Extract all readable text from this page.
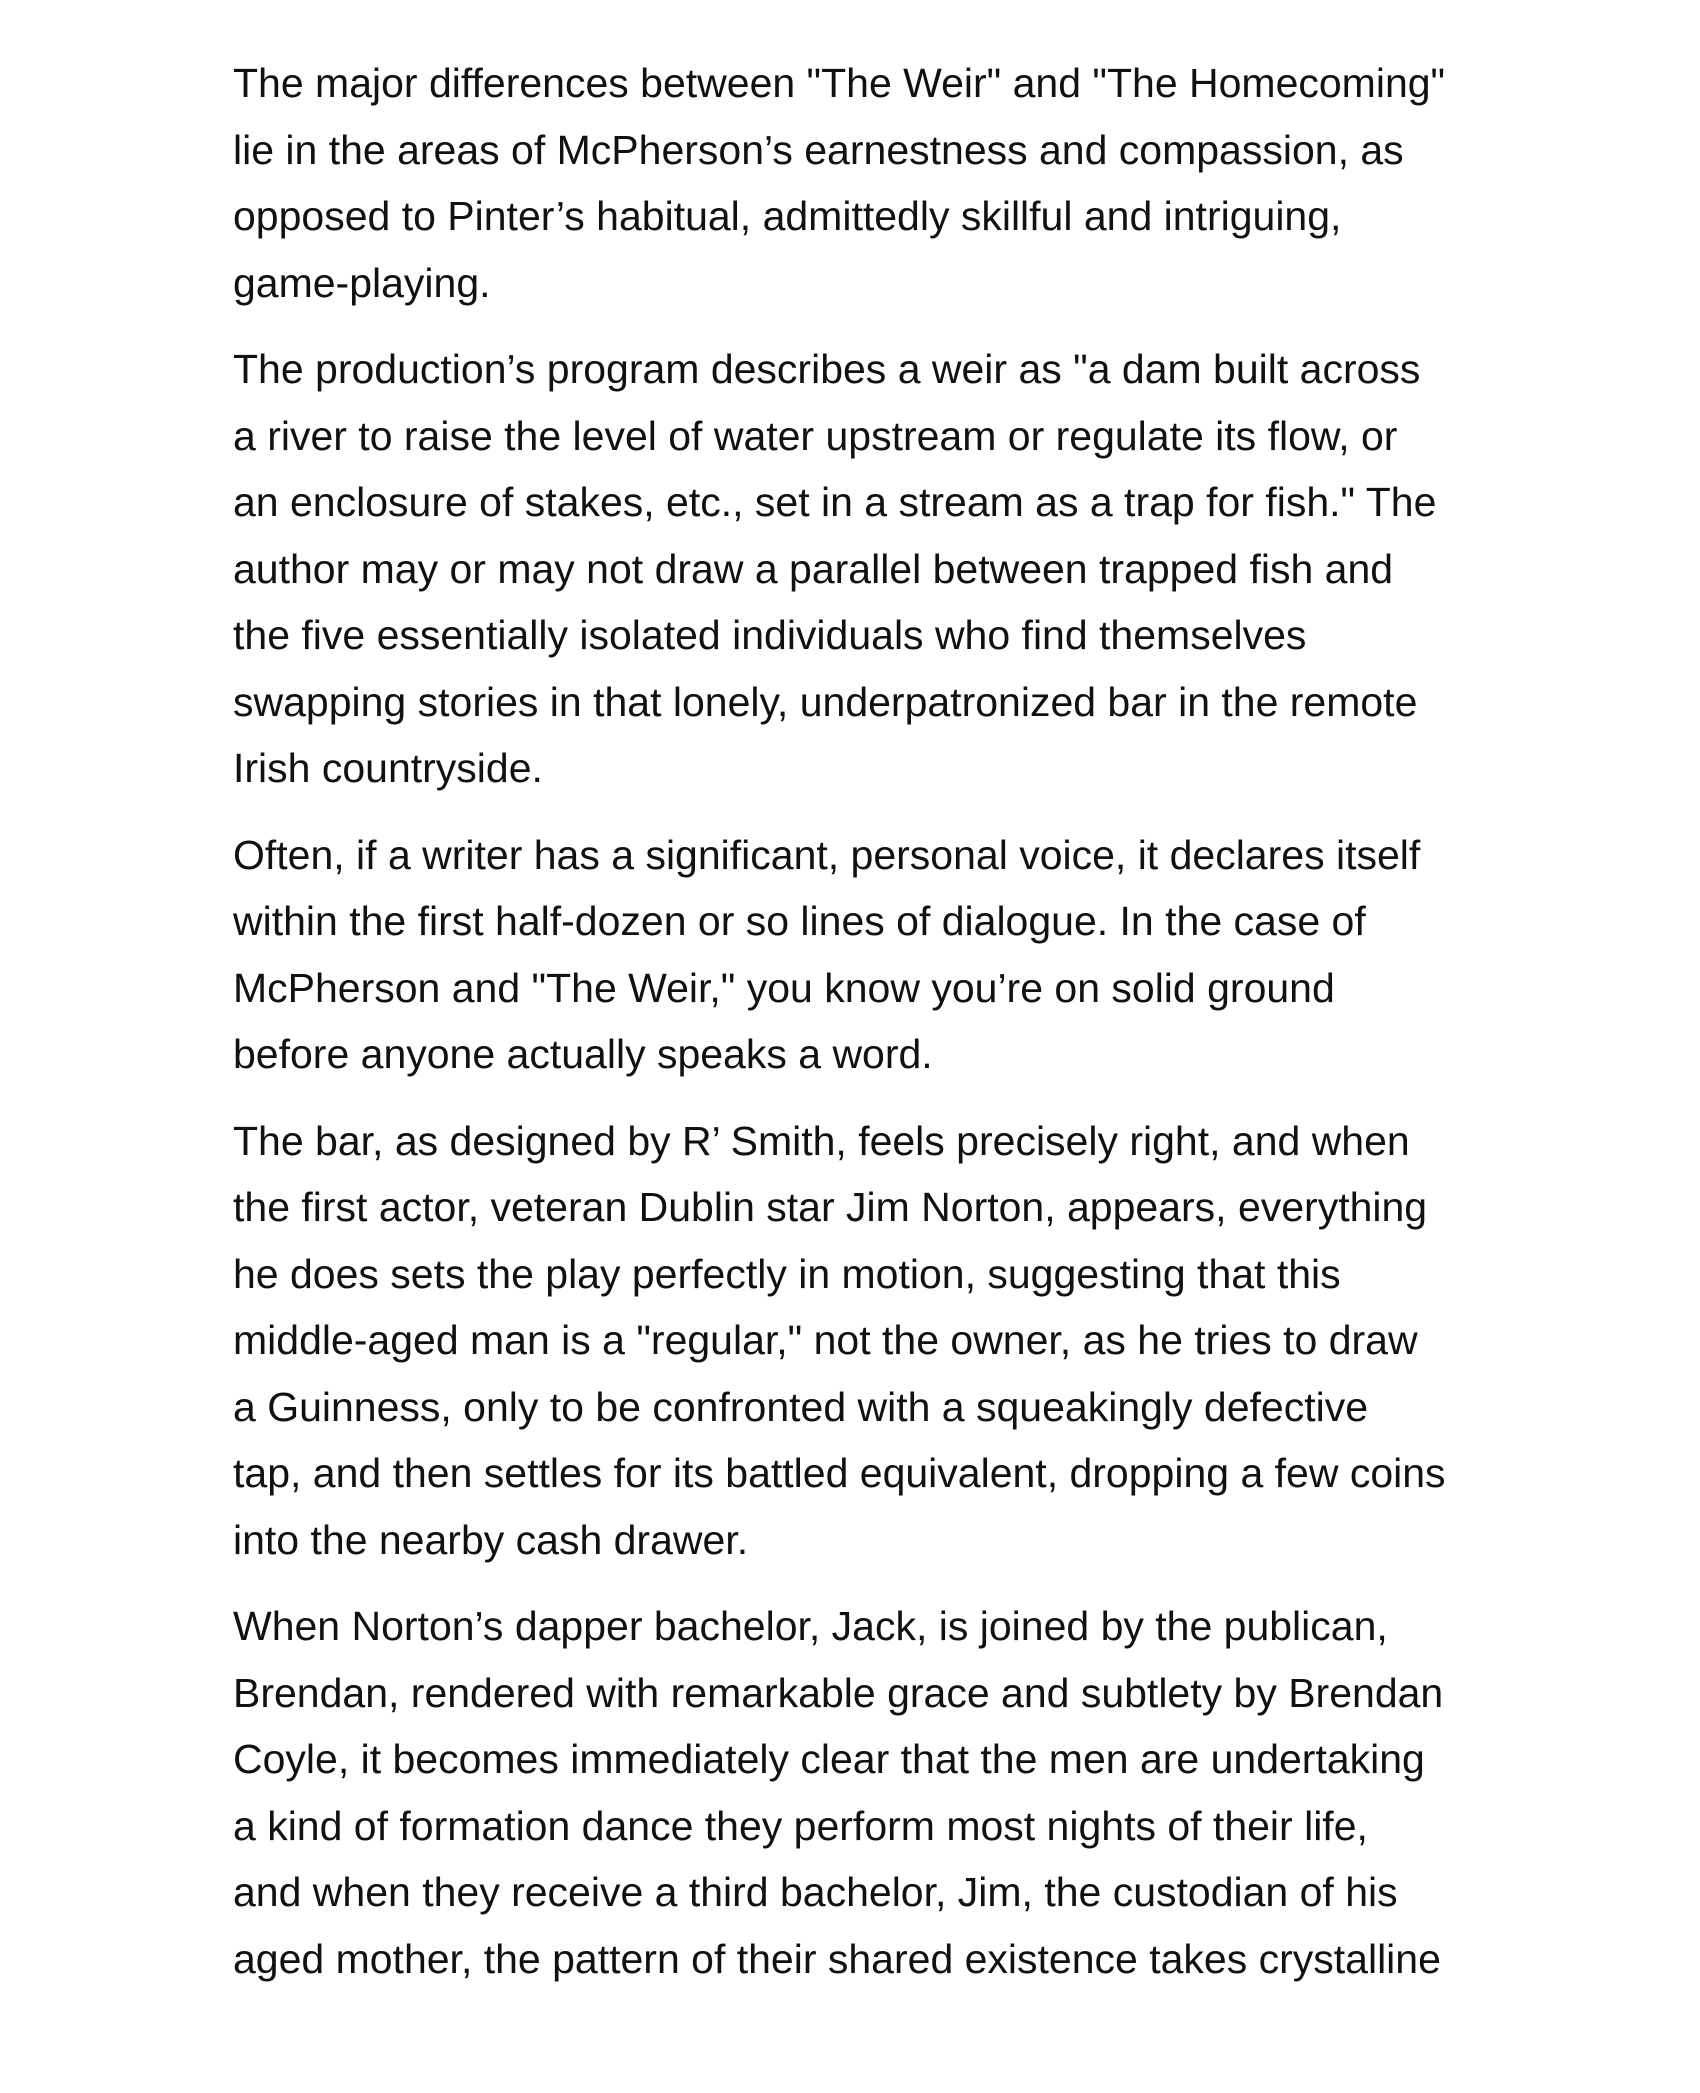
The major differences between "The Weir" and "The Homecoming"
lie in the areas of McPherson’s earnestness and compassion, as
opposed to Pinter’s habitual, admittedly skillful and intriguing,
game-playing.

The production’s program describes a weir as "a dam built across
a river to raise the level of water upstream or regulate its flow, or
an enclosure of stakes, etc., set in a stream as a trap for fish." The
author may or may not draw a parallel between trapped fish and
the five essentially isolated individuals who find themselves
swapping stories in that lonely, underpatronized bar in the remote
Irish countryside.

Often, if a writer has a significant, personal voice, it declares itself
within the first half-dozen or so lines of dialogue. In the case of
McPherson and "The Weir," you know you’re on solid ground
before anyone actually speaks a word.

The bar, as designed by R’ Smith, feels precisely right, and when
the first actor, veteran Dublin star Jim Norton, appears, everything
he does sets the play perfectly in motion, suggesting that this
middle-aged man is a "regular," not the owner, as he tries to draw
a Guinness, only to be confronted with a squeakingly defective
tap, and then settles for its battled equivalent, dropping a few coins
into the nearby cash drawer.

When Norton’s dapper bachelor, Jack, is joined by the publican,
Brendan, rendered with remarkable grace and subtlety by Brendan
Coyle, it becomes immediately clear that the men are undertaking
a kind of formation dance they perform most nights of their life,
and when they receive a third bachelor, Jim, the custodian of his
aged mother, the pattern of their shared existence takes crystalline
